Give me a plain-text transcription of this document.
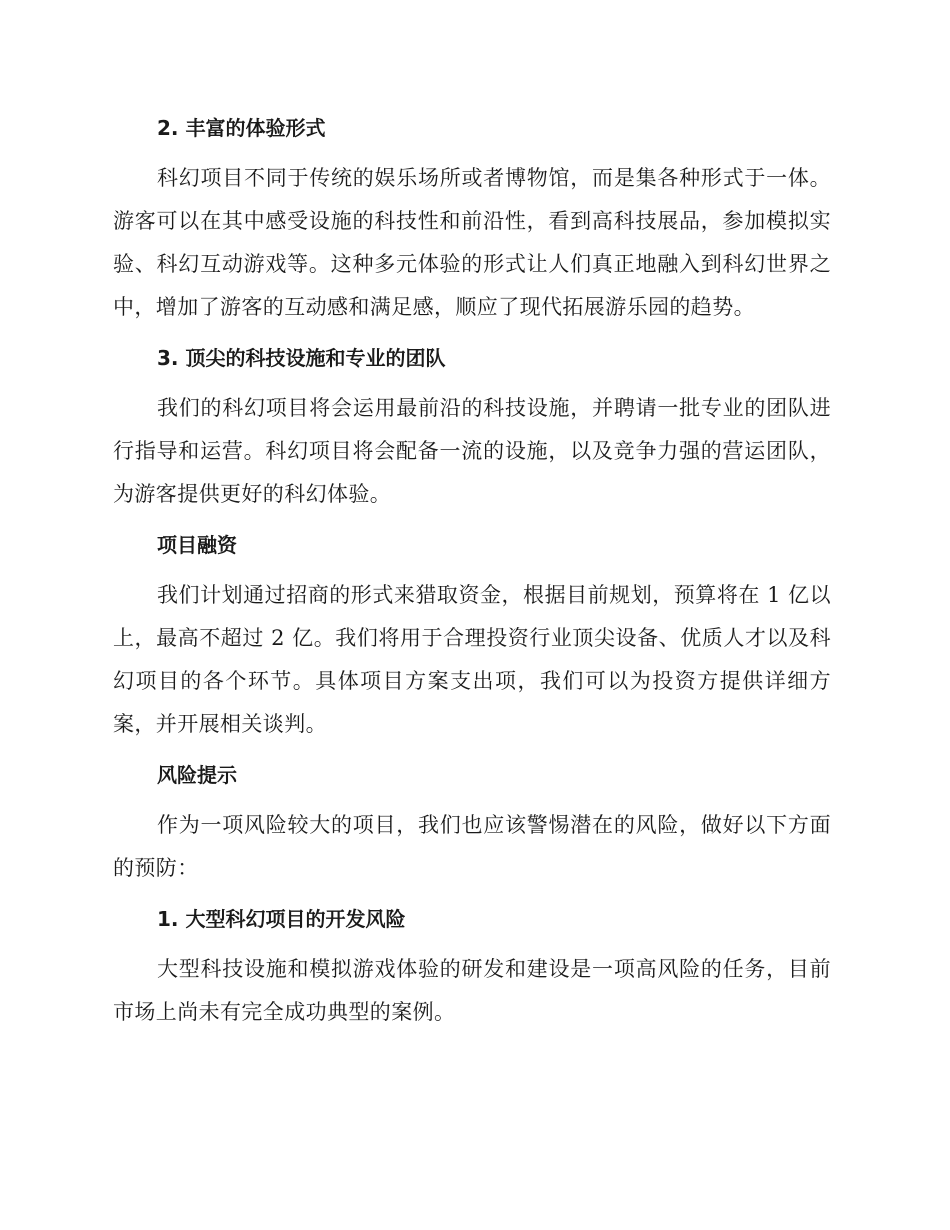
2. 丰富的体验形式

科幻项目不同于传统的娱乐场所或者博物馆，而是集各种形式于一体。游客可以在其中感受设施的科技性和前沿性，看到高科技展品，参加模拟实验、科幻互动游戏等。这种多元体验的形式让人们真正地融入到科幻世界之中，增加了游客的互动感和满足感，顺应了现代拓展游乐园的趋势。

3. 顶尖的科技设施和专业的团队

我们的科幻项目将会运用最前沿的科技设施，并聘请一批专业的团队进行指导和运营。科幻项目将会配备一流的设施，以及竞争力强的营运团队，为游客提供更好的科幻体验。

项目融资

我们计划通过招商的形式来猎取资金，根据目前规划，预算将在 1 亿以上，最高不超过 2 亿。我们将用于合理投资行业顶尖设备、优质人才以及科幻项目的各个环节。具体项目方案支出项，我们可以为投资方提供详细方案，并开展相关谈判。

风险提示

作为一项风险较大的项目，我们也应该警惕潜在的风险，做好以下方面的预防：

1. 大型科幻项目的开发风险

大型科技设施和模拟游戏体验的研发和建设是一项高风险的任务，目前市场上尚未有完全成功典型的案例。
